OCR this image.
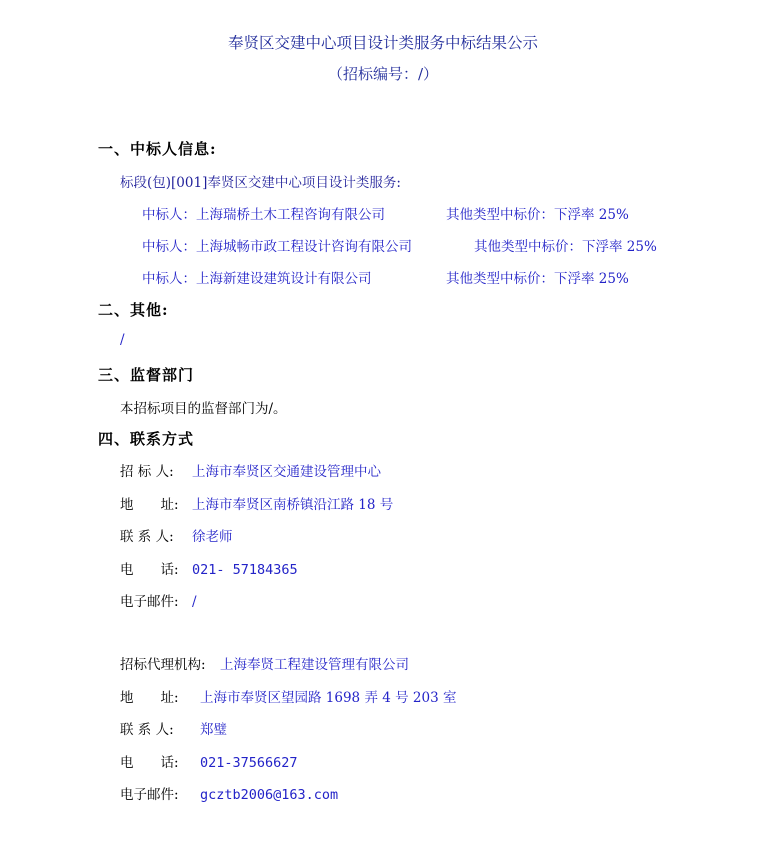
奉贤区交建中心项目设计类服务中标结果公示
（招标编号：/）
一、中标人信息:
标段(包)[001]奉贤区交建中心项目设计类服务:
中标人：上海瑞桥土木工程咨询有限公司	其他类型中标价：下浮率 25%
中标人：上海城畅市政工程设计咨询有限公司	其他类型中标价：下浮率 25%
中标人：上海新建设建筑设计有限公司	其他类型中标价：下浮率 25%
二、其他:
/
三、监督部门
本招标项目的监督部门为/。
四、联系方式
招 标 人: 上海市奉贤区交通建设管理中心
地　　址: 上海市奉贤区南桥镇沿江路 18 号
联 系 人: 徐老师
电　　话: 021- 57184365
电子邮件: /
招标代理机构: 上海奉贤工程建设管理有限公司
地　　址: 上海市奉贤区望园路 1698 弄 4 号 203 室
联 系 人: 郑璧
电　　话: 021-37566627
电子邮件: gcztb2006@163.com
